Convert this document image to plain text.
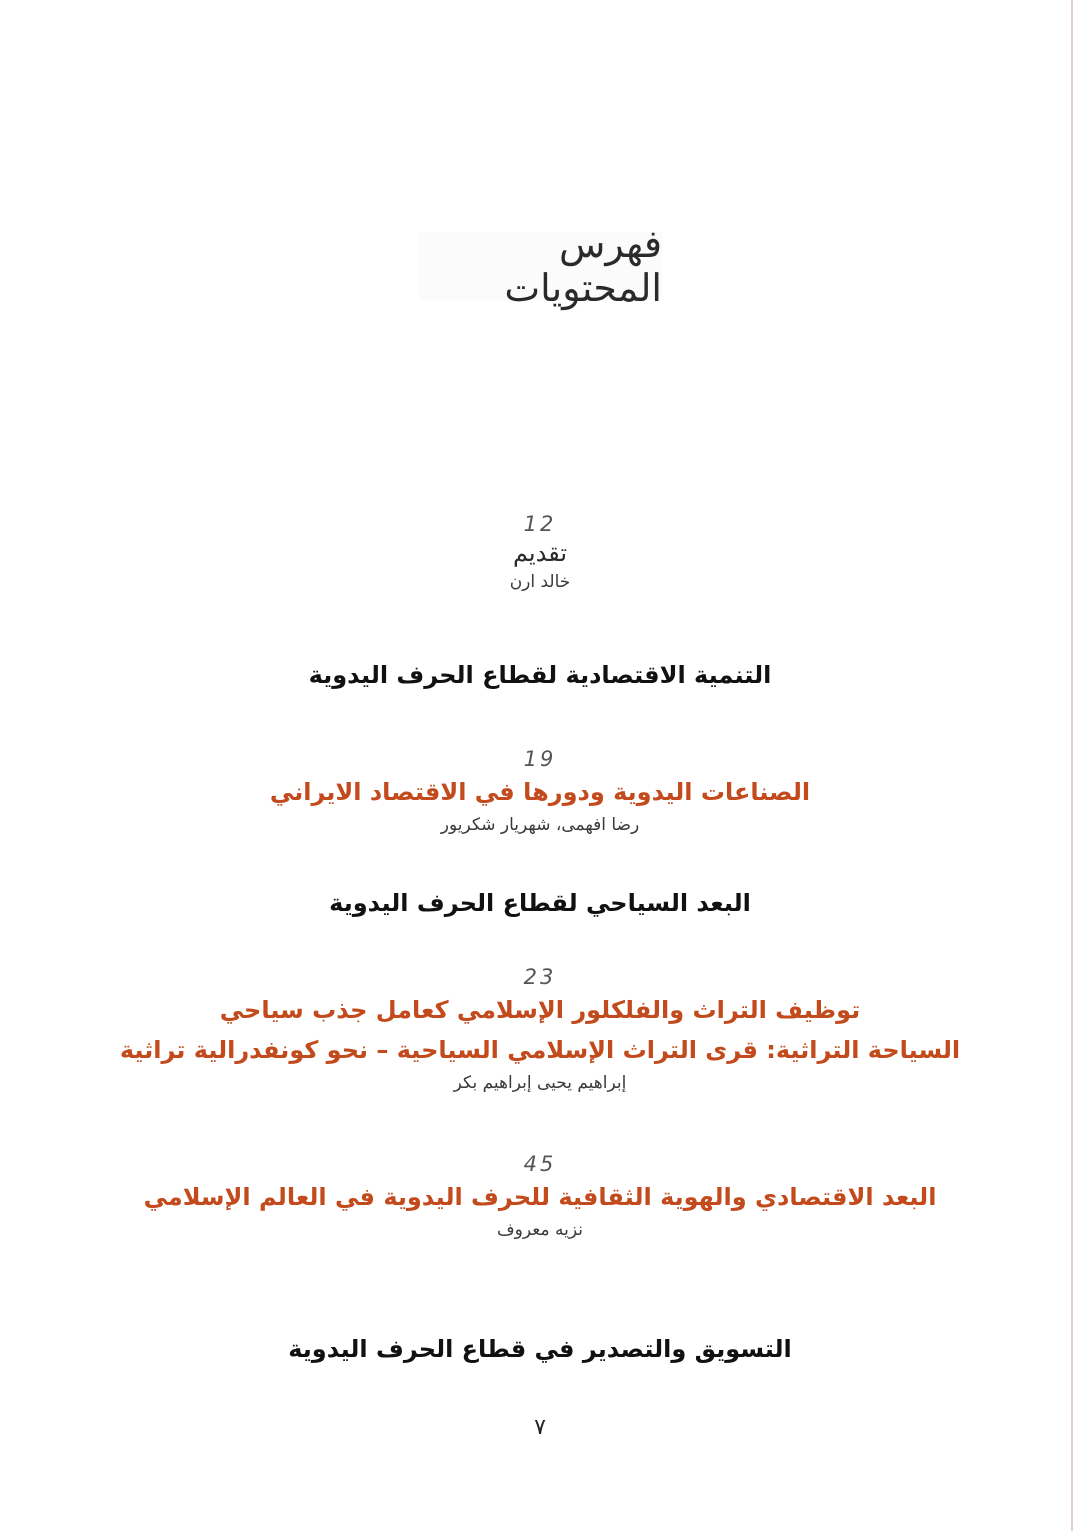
فهرس المحتويات
12
تقديم
خالد ارن
التنمية الاقتصادية لقطاع الحرف اليدوية
19
الصناعات اليدوية ودورها في الاقتصاد الايراني
رضا افهمى، شهريار شكريور
البعد السياحي لقطاع الحرف اليدوية
23
توظيف التراث والفلكلور الإسلامي كعامل جذب سياحي
السياحة التراثية: قرى التراث الإسلامي السياحية – نحو كونفدرالية تراثية
إبراهيم يحيى إبراهيم بكر
45
البعد الاقتصادي والهوية الثقافية للحرف اليدوية في العالم الإسلامي
نزيه معروف
التسويق والتصدير في قطاع الحرف اليدوية
٧
